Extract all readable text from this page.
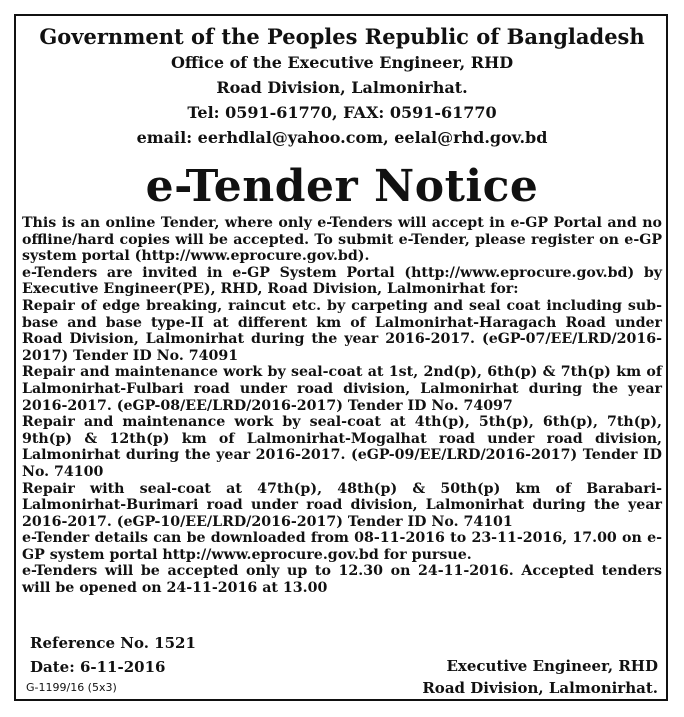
Government of the Peoples Republic of Bangladesh
Office of the Executive Engineer, RHD
Road Division, Lalmonirhat.
Tel: 0591-61770, FAX: 0591-61770
email: eerhdlal@yahoo.com, eelal@rhd.gov.bd
e-Tender Notice

This is an online Tender, where only e-Tenders will accept in e-GP Portal and no offline/hard copies will be accepted. To submit e-Tender, please register on e-GP system portal (http://www.eprocure.gov.bd).

e-Tenders are invited in e-GP System Portal (http://www.eprocure.gov.bd) by Executive Engineer(PE), RHD, Road Division, Lalmonirhat for:

Repair of edge breaking, raincut etc. by carpeting and seal coat including sub-base and base type-II at different km of Lalmonirhat-Haragach Road under Road Division, Lalmonirhat during the year 2016-2017. (eGP-07/EE/LRD/2016-2017) Tender ID No. 74091

Repair and maintenance work by seal-coat at 1st, 2nd(p), 6th(p) & 7th(p) km of Lalmonirhat-Fulbari road under road division, Lalmonirhat during the year 2016-2017. (eGP-08/EE/LRD/2016-2017) Tender ID No. 74097

Repair and maintenance work by seal-coat at 4th(p), 5th(p), 6th(p), 7th(p), 9th(p) & 12th(p) km of Lalmonirhat-Mogalhat road under road division, Lalmonirhat during the year 2016-2017. (eGP-09/EE/LRD/2016-2017) Tender ID No. 74100

Repair with seal-coat at 47th(p), 48th(p) & 50th(p) km of Barabari-Lalmonirhat-Burimari road under road division, Lalmonirhat during the year 2016-2017. (eGP-10/EE/LRD/2016-2017) Tender ID No. 74101

e-Tender details can be downloaded from 08-11-2016 to 23-11-2016, 17.00 on e-GP system portal http://www.eprocure.gov.bd for pursue.

e-Tenders will be accepted only up to 12.30 on 24-11-2016. Accepted tenders will be opened on 24-11-2016 at 13.00

Reference No. 1521
Date: 6-11-2016	Executive Engineer, RHD
Road Division, Lalmonirhat.
G-1199/16 (5x3)
